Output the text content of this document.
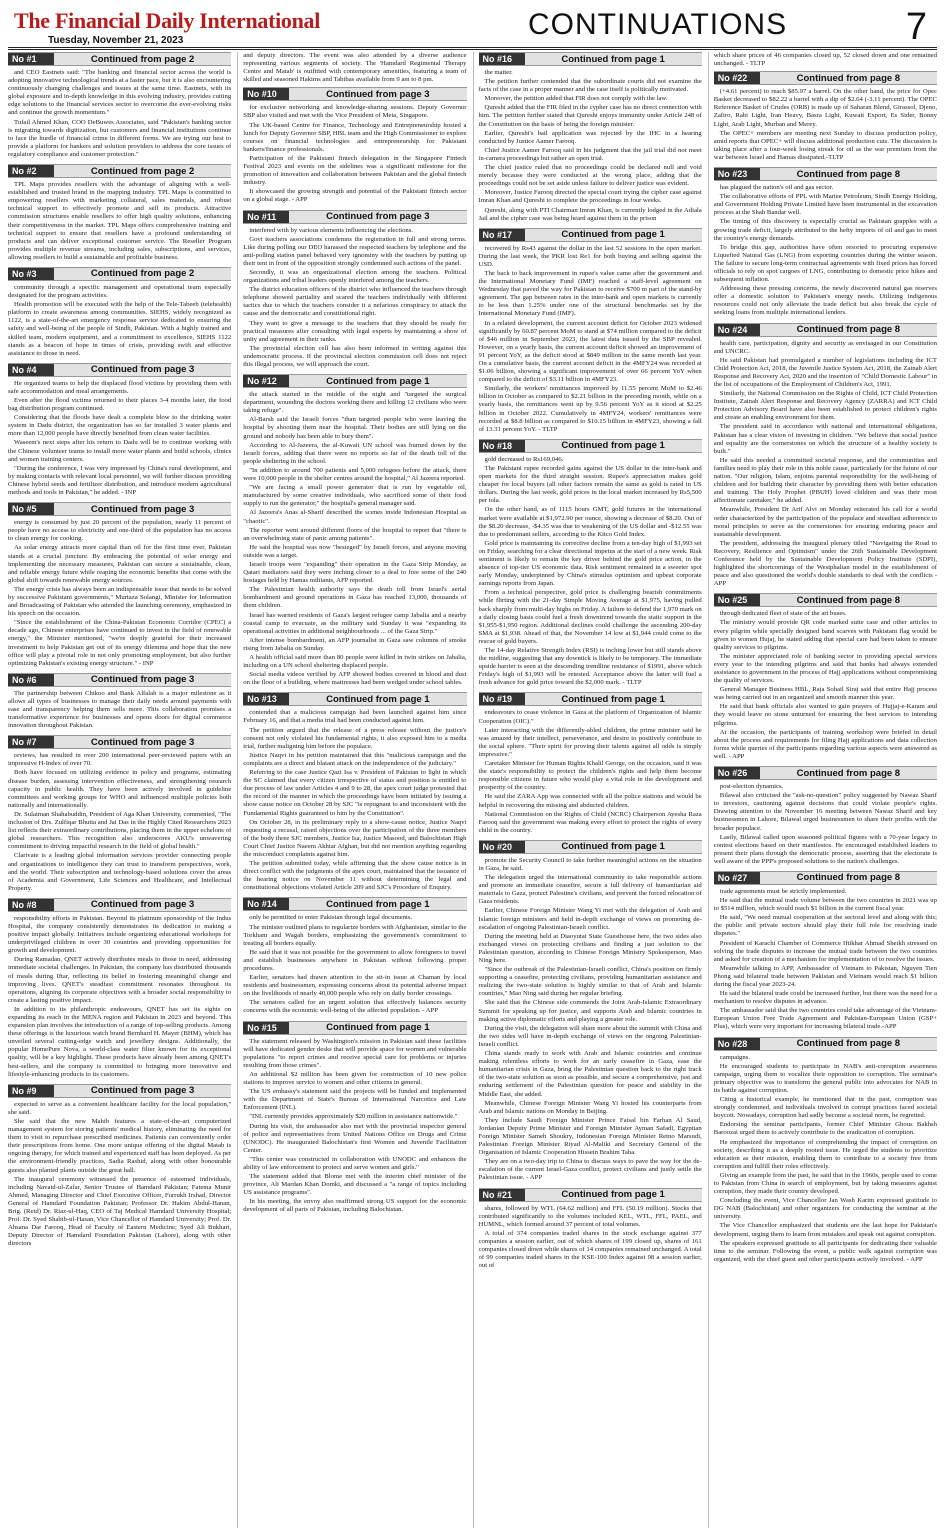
The Financial Daily International
Tuesday, November 21, 2023	CONTINUATIONS	7
No #1	Continued from page 2

and CEO Eastnets said: "The banking and financial sector across the world is adopting innovative technological trends at a faster pace, but it is also encountering continuously changing challenges and issues at the same time. Eastnets, with its global exposure and in-depth knowledge in this evolving industry, provides cutting edge solutions to the financial services sector to overcome the ever-evolving risks and continue the growth momentum."

Tufail Ahmed Khan, COO DeBuwes Associates, said "Pakistan's banking sector is migrating towards digitization, but customers and financial institutions continue to face the hurdle of financial crime in different forms. We are trying our best to provide a platform for bankers and solution providers to address the core issues of regulatory compliance and customer protection."

No #2	Continued from page 2

TPL Maps provides resellers with the advantage of aligning with a well-established and trusted brand in the mapping industry. TPL Maps is committed to empowering resellers with marketing collateral, sales materials, and robust technical support to effectively promote and sell its products. Attractive commission structures enable resellers to offer high quality solutions, enhancing their competitiveness in the market. TPL Maps offers comprehensive training and technical support to ensure that resellers have a profound understanding of products and can deliver exceptional customer service. The Reseller Program provides multiple revenue streams, including sales, subscriptions, and services, allowing resellers to build a sustainable and profitable business.

No #3	Continued from page 2

community through a specific management and operational team especially designated for the program activities.

Health promotion will be executed with the help of the Tele-Tabeeb (telehealth) platform to create awareness among communities. SIEHS, widely recognized as 1122, is a state-of-the-art emergency response service dedicated to ensuring the safety and well-being of the people of Sindh, Pakistan. With a highly trained and skilled team, modern equipment, and a commitment to excellence, SIEHS 1122 stands as a beacon of hope in times of crisis, providing swift and effective assistance to those in need.

No #4	Continued from page 3

He organized teams to help the displaced flood victims by providing them with safe accommodation and meal arrangements.

Even after the flood victims returned to their places 3-4 months later, the food bag distribution program continued.

Considering that the floods have dealt a complete blow to the drinking water system in Dadu district, the organization has so far installed 3 water plants and more than 12,000 people have directly benefited from clean water facilities.

Waseem's next steps after his return to Dadu will be to continue working with the Chinese volunteer teams to install more water plants and build schools, clinics and women training centers.

"During the conference, I was very impressed by China's rural development, and by making contacts with relevant local personnel, we will further discuss providing Chinese hybrid seeds and fertilizer distribution, and introduce modern agricultural methods and tools in Pakistan," he added. - INP

No #5	Continued from page 3

energy is consumed by just 20 percent of the population, nearly 11 percent of people have no access to electricity and one-third of the population has no access to clean energy for cooking.

As solar energy attracts more capital than oil for the first time ever, Pakistan stands at a crucial juncture. By embracing the potential of solar energy and implementing the necessary measures, Pakistan can secure a sustainable, clean, and reliable energy future while reaping the economic benefits that come with the global shift towards renewable energy sources.

The energy crisis has always been an indispensable issue that needs to be solved by successive Pakistani governments," Murtaza Solangi, Minister for Information and Broadcasting of Pakistan who attended the launching ceremony, emphasized in his speech on the occasion.

"Since the establishment of the China-Pakistan Economic Corridor (CPEC) a decade ago, Chinese enterprises have continued to invest in the field of renewable energy," the Minister mentioned, "we're deeply grateful for their increased investment to help Pakistan get out of its energy dilemma and hope that the new office will play a pivotal role in not only promoting employment, but also further optimizing Pakistan's existing energy structure." - INP

No #6	Continued from page 3

The partnership between Chikoo and Bank Alfalah is a major milestone as it allows all types of businesses to manage their daily needs around payments with ease and transparency helping them sells more. This collaboration promises a transformative experience for businesses and opens doors for digital commerce innovation throughout Pakistan.

No #7	Continued from page 3

reviews, has resulted in over 200 international peer-reviewed papers with an impressive H-Index of over 70.

Both have focused on utilizing evidence in policy and programs, estimating disease burden, assessing intervention effectiveness, and strengthening research capacity in public health. They have been actively involved in guideline committees and working groups for WHO and influenced multiple policies both nationally and internationally.

Dr. Sulaiman Shahabuddin, President of Aga Khan University, commented, "The inclusion of Drs. Zulfiqar Bhutta and Jai Das in the Highly Cited Researchers 2023 list reflects their extraordinary contributions, placing them in the upper echelons of global researchers. This recognition also underscores AKU's unwavering commitment to driving impactful research in the field of global health."

Clarivate is a leading global information services provider connecting people and organizations to intelligence they can trust to transform perspectives, work, and the world. Their subscription and technology-based solutions cover the areas of Academia and Government, Life Sciences and Healthcare, and Intellectual Property.

No #8	Continued from page 3

responsibility efforts in Pakistan. Beyond its platinum sponsorship of the Indus Hospital, the company consistently demonstrates its dedication to making a positive impact globally. Initiatives include organizing educational workshops for underprivileged children in over 30 countries and providing opportunities for growth and development.

During Ramadan, QNET actively distributes meals to those in need, addressing immediate societal challenges. In Pakistan, the company has distributed thousands of meals during Iftar, reflecting its belief in fostering meaningful change and improving lives. QNET's steadfast commitment resonates throughout its operations, aligning its corporate objectives with a broader social responsibility to create a lasting positive impact.

In addition to its philanthropic endeavours, QNET has set its sights on expanding its reach in the MENA region and Pakistan in 2023 and beyond. This expansion plan involves the introduction of a range of top-selling products. Among these offerings is the luxurious watch brand Bernhard H. Mayer (BHM), which has unveiled several cutting-edge watch and jewellery designs. Additionally, the popular HomePure Nova, a world-class water filter known for its exceptional quality, will be a key highlight. These products have already been among QNET's best-sellers, and the company is committed to bringing more innovative and lifestyle-enhancing products to its customers.

No #9	Continued from page 3

expected to serve as a convenient healthcare facility for the local population," she said.

She said that the new Mahib features a state-of-the-art computerized management system for storing patients' medical history, eliminating the need for them to visit to repurchase prescribed medicines. Patients can conveniently order their prescriptions from home. One more unique offering of the digital Matab is ongoing therapy, for which trained and experienced staff has been deployed. As per the environment-friendly practices, Sadia Rashid, along with other honourable guests also planted plants outside the great hall.

The inaugural ceremony witnessed the presence of esteemed individuals, including Navaid-ul-Zafar, Senior Trustee of Hamdard Pakistan; Fatema Munir Ahmed, Managing Director and Chief Executive Officer, Furrukh Irshad, Director General of Hamdard Foundation Pakistan; Professor Dr. Hakim Abdul-Hanan, Brig. (Retd) Dr. Riaz-ul-Haq, CEO of Taj Medical Hamdard University Hospital; Prof. Dr. Syed Shabib-ul-Hasan, Vice Chancellor of Hamdard University; Prof. Dr. Ahsana Dar Farooq, Head of Faculty of Eastern Medicine; Syed Ali Bukhari, Deputy Director of Hamdard Foundation Pakistan (Lahore), along with other directors

and deputy directors. The event was also attended by a diverse audience representing various segments of society. The 'Hamdard Regimental Therapy Centre and Matab' is outfitted with contemporary amenities, featuring a team of skilled and seasoned Hakims and Tabibas available from 9 am to 8 pm.
No #10	Continued from page 3

for exclusive networking and knowledge-sharing sessions. Deputy Governor SBP also visited and met with the Vice President of Meta, Singapore.

The UK-based Centre for Finance, Technology and Entrepreneurship hosted a lunch for Deputy Governor SBP, HBL team and the High Commissioner to explore courses on financial technologies and entrepreneurship for Pakistani bankers/finance professionals.

Participation of the Pakistani fintech delegation in the Singapore Fintech Festival 2023 and events on the sidelines was a significant milestone for the promotion of innovation and collaboration between Pakistan and the global fintech industry.

It showcased the growing strength and potential of the Pakistani fintech sector on a global stage. - APP

No #11	Continued from page 3

interfered with by various elements influencing the elections.

Govt teachers associations condemns the registration in full and strong terms. Like during polling our DEO harassed the respected teachers by telephone and the anti-polling station panel behaved very ignominy with the teachers by putting up their tent in front of the opposition strongly condemned such actions of the panel.

Secondly, it was an organizational election among the teachers. Political organizations and tribal leaders openly interfered among the teachers.

The district education officers of the district who influenced the teachers through telephone showed partiality and scared the teachers individually with different tactics due to which the teachers consider it a nefarious conspiracy to attack the cause and the democratic and constitutional right.

They want to give a message to the teachers that they should be ready for practical measures after consulting with legal experts by maintaining a show of unity and agreement in their ranks.

The provincial election cell has also been informed in writing against this undemocratic process. If the provincial election commission cell does not reject this illegal process, we will approach the court.

No #12	Continued from page 1

the attack started in the middle of the night and "targeted the surgical department, wounding the doctors working there and killing 12 civilians who were taking refuge".

Al-Barsh said the Israeli forces "than targeted people who were leaving the hospital by shooting them near the hospital. Their bodies are still lying on the ground and nobody has been able to bury them".

According to Al-Jazeera, the al-Kuwait UN school was burned down by the Israeli forces, adding that there were no reports so far of the death toll of the people sheltering in the school.

"In addition to around 700 patients and 5,000 refugees before the attack, there were 10,000 people in the shelter centres around the hospital," Al Jazeera reported.

"We are facing a small power generator that is run by vegetable oil, manufactured by some creative individuals, who sacrificed some of their food supply to run the generator," the hospital's general manager said.

Al Jazeera's Anas al-Sharif described the scenes inside Indonesian Hospital as "chaotic".

The reporter went around different floors of the hospital to report that "there is an overwhelming state of panic among patients".

He said the hospital was now "besieged" by Israeli forces, and anyone moving outside was a target.

Israeli troops were "expanding" their operation in the Gaza Strip Monday, as Qatari mediators said they were inching closer to a deal to free some of the 240 hostages held by Hamas militants, AFP reported.

The Palestinian health authority says the death toll from Israel's aerial bombardment and ground operations in Gaza has reached 13,000, thousands of them children.

Israel has warned residents of Gaza's largest refugee camp Jabalia and a nearby coastal camp to evacuate, as the military said Sunday it was "expanding its operational activities in additional neighbourhoods ... of the Gaza Strip."

After intense bombardment, an AFP journalist in Gaza saw columns of smoke rising from Jabalia on Sunday.

A health official said more than 80 people were killed in twin strikes on Jabalia, including on a UN school sheltering displaced people.

Social media videos verified by AFP showed bodies covered in blood and dust on the floor of a building, where mattresses had been wedged under school tables.

No #13	Continued from page 1

contended that a malicious campaign had been launched against him since February 16, and that a media trial had been conducted against him.

The petition argued that the release of a press release without the justice's consent not only violated his fundamental rights, it also exposed him to a media trial, further maligning him before the populace.

Justice Naqvi in his petition maintained that this "malicious campaign and the complaints are a direct and blatant attack on the independence of the judiciary."

Referring to the case Justice Qazi Isa v. President of Pakistan to light in which the SC claimed that every citizen irrespective of status and position is entitled to due process of law under Articles 4 and 9 to 28, the apex court judge protested that the record of the manner in which the proceedings have been initiated by issuing a show cause notice on October 28 by SJC "is repugnant to and inconsistent with the Fundamental Rights guaranteed to him by the Constitution".

On October 28, in its preliminary reply to a show-cause notice, Justice Naqvi requesting a recusal, raised objections over the participation of the three members of the body three SJC members, Justice Isa, Justice Masood, and Balochistan High Court Chief Justice Naeem Akhtar Afghan, but did not mention anything regarding the misconduct complaints against him.

The petition submitted today, while affirming that the show cause notice is in direct conflict with the judgments of the apex court, maintained that the issuance of the hearing notice on November 11 without determining the legal and constitutional objections violated Article 209 and SJC's Procedure of Enquiry.

No #14	Continued from page 1

only be permitted to enter Pakistan through legal documents.

The minister outlined plans to regularize borders with Afghanistan, similar to the Torkham and Wagah borders, emphasizing the government's commitment to treating all borders equally.

He said that it was not possible for the government to allow foreigners to travel and establish businesses anywhere in Pakistan without following proper procedures.

Earlier, senators had drawn attention to the sit-in issue at Chaman by local residents and businessmen, expressing concerns about its potential adverse impact on the livelihoods of nearly 40,000 people who rely on daily border crossings.

The senators called for an urgent solution that effectively balances security concerns with the economic well-being of the affected population. - APP

No #15	Continued from page 1

The statement released by Washington's mission in Pakistan said these facilities will have dedicated gender desks that will provide space for women and vulnerable populations "to report crimes and receive special care for problems or injuries resulting from those crimes".

An additional $2 million has been given for construction of 10 new police stations to improve service to women and other citizens in general.

The US embassy's statement said the projects will be funded and implemented with the Department of State's Bureau of International Narcotics and Law Enforcement (INL).

"INL currently provides approximately $20 million in assistance nationwide."

During his visit, the ambassador also met with the provincial inspector general of police and representatives from United Nations Office on Drugs and Crime (UNODC). He inaugurated Balochistan's first Women and Juvenile Facilitation Center.

"This center was constructed in collaboration with UNODC and enhances the ability of law enforcement to protect and serve women and girls."

The statement added that Blome met with the interim chief minister of the province, Ali Mardan Khan Domki, and discussed a "a range of topics including US assistance programs".

In his meeting, the envoy also reaffirmed strong US support for the economic development of all parts of Pakistan, including Balochistan.

No #16	Continued from page 1

the matter.

The petition further contended that the subordinate courts did not examine the facts of the case in a proper manner and the case itself is politically motivated.

Moreover, the petition added that FIR does not comply with the law.

Qureshi added that the FIR filed in the cypher case has no direct connection with him. The petition further stated that Qureshi enjoys immunity under Article 248 of the Constitution on the basis of being the foreign minister.

Earlier, Qureshi's bail application was rejected by the IHC in a hearing conducted by Justice Aamer Farooq.

Chief Justice Aamer Farooq said in his judgment that the jail trial did not meet in-camera proceedings but rather an open trial.

The chief justice ruled that no proceedings could be declared null and void merely because they were conducted at the wrong place, adding that the proceedings could not be set aside unless failure to deliver justice was evident.

Moreover, Justice Farooq directed the special court trying the cipher case against Imran Khan and Qureshi to complete the proceedings in four weeks.

Qureshi, along with PTI Chairman Imran Khan, is currently lodged in the Adiala Jail and the cipher case was being heard against them in the prison

No #17	Continued from page 1

recovered by Rs43 against the dollar in the last 52 sessions in the open market. During the last week, the PKR lost Re1 for both buying and selling against the USD.

The back to back improvement in rupee's value came after the government and the International Monetary Fund (IMF) reached a staff-level agreement on Wednesday that paved the way for Pakistan to receive $700 m part of the stand-by agreement. The gap between rates in the inter-bank and open markets is currently to be less than 1.25% under one of the structural benchmarks set by the International Monetary Fund (IMF).

In a related development, the current account deficit for October 2023 widened significantly by 60.87 percent MoM to stand at $74 million compared to the deficit of $46 million in September 2023, the latest data issued by the SBP revealed. However, on a yearly basis, the current account deficit showed an improvement of 91 percent YoY, as the deficit stood at $849 million in the same month last year. On a cumulative basis, the current account deficit in the 4MFY24 was recorded at $1.06 billion, showing a significant improvement of over 66 percent YoY when compared to the deficit of $3.11 billion in 4MFY23.

Similarly, the workers' remittances improved by 11.55 percent MoM to $2.46 billion in October as compared to $2.21 billion in the preceding month, while on a yearly basis, the remittances went up by 9.56 percent YoY as it stood at $2.25 billion in October 2022. Cumulatively in 4MFY24, workers' remittances were recorded at $8.8 billion as compared to $10.15 billion in 4MFY23, showing a fall of 13.31 percent YoY. - TLTP

No #18	Continued from page 1

gold decreased to Rs169,046.

The Pakistani rupee recorded gains against the US dollar in the inter-bank and open markets for the third straight session. Rupee's appreciation makes gold cheaper for local buyers (all other factors remain the same as gold is rated in US dollars. During the last week, gold prices in the local market increased by Rs5,500 per tola.

On the other hand, as of 1115 hours GMT, gold futures in the international market were available at $1,972.90 per ounce, showing a decrease of $8.20. Out of the $8.20 decrease, -$4.35 was due to weakening of the US dollar and -$12.55 was due to predominant sellers, according to the Kitco Gold Index.

Gold price is maintaining its corrective decline from a ten-day high of $1,993 set on Friday, searching for a clear directional impetus at the start of a new week. Risk sentiment is likely to remain the key driver behind the gold price action, in the absence of top-tier US economic data. Risk sentiment remained in a sweeter spot early Monday, underpinned by China's stimulus optimism and upbeat corporate earnings reports from Japan.

From a technical perspective, gold price is challenging bearish commitments while flirting with the 21-day Simple Moving Average at $1,975, having pulled back sharply from multi-day highs on Friday. A failure to defend the 1,970 mark on a daily closing basis could fuel a fresh downtrend towards the static support in the $1,955-$1,950 region. Additional declines could challenge the ascending 200-day SMA at $1,938. Ahead of that, the November 14 low at $1,944 could come to the rescue of gold buyers.

The 14-day Relative Strength Index (RSI) is inching lower but still stands above the midline, suggesting that any downtick is likely to be temporary. The immediate upside barrier is seen at the descending trendline resistance of $1991, above which Friday's high of $1,993 will be retested. Acceptance above the latter will fuel a fresh advance for gold price toward the $2,000 mark. - TLTP

No #19	Continued from page 1

endeavours to cease violence in Gaza at the platform of Organization of Islamic Cooperation (OIC)."

Later interacting with the differently-abled children, the prime minister said he was amazed by their intellect, perseverance, and desire to positively contribute to the social sphere. "Their spirit for proving their talents against all odds is simply impressive."

Caretaker Minister for Human Rights Khalil George, on the occasion, said it was the state's responsibility to protect the children's rights and help them become responsible citizens in future who would play a vital role in the development and prosperity of the country.

He said the ZARA App was connected with all the police stations and would be helpful in recovering the missing and abducted children.

National Commission on the Rights of Child (NCRC) Chairperson Ayesha Raza Farooq said the government was making every effort to protect the rights of every child in the country.

No #20	Continued from page 1

promote the Security Council to take further meaningful actions on the situation in Gaza, he said.

The delegation urged the international community to take responsible actions and promote an immediate ceasefire, secure a full delivery of humanitarian aid materials to Gaza, protect Palestine's civilians, and prevent the forced relocation of Gaza residents.

Earlier, Chinese Foreign Minister Wang Yi met with the delegation of Arab and Islamic foreign ministers and held in-depth exchange of views on promoting de-escalation of ongoing Palestinian-Israeli conflict.

During the meeting held at Diaoyutai State Guesthouse here, the two sides also exchanged views on protecting civilians and finding a just solution to the Palestinian question, according to Chinese Foreign Ministry Spokesperson, Mao Ning here.

"Since the outbreak of the Palestinian-Israeli conflict, China's position on firmly supporting a ceasefire, protecting civilians, providing humanitarian assistance and realizing the two-state solution is highly similar to that of Arab and Islamic countries," Mao Ning said during her regular briefing.

She said that the Chinese side commends the Joint Arab-Islamic Extraordinary Summit for speaking up for justice, and supports Arab and Islamic countries in making active diplomatic efforts and playing a greater role.

During the visit, the delegation will share more about the summit with China and the two sides will have in-depth exchange of views on the ongoing Palestinian-Israeli conflict.

China stands ready to work with Arab and Islamic countries and continue making relentless efforts to work for an early ceasefire in Gaza, ease the humanitarian crisis in Gaza, bring the Palestinian question back to the right track of the two-state solution as soon as possible, and secure a comprehensive, just and enduring settlement of the Palestinian question for peace and stability in the Middle East, she added.

Meanwhile, Chinese Foreign Minister Wang Yi hosted his counterparts from Arab and Islamic nations on Monday in Beijing.

They include Saudi Foreign Minister Prince Faisal bin Farhan Al Saud, Jordanian Deputy Prime Minister and Foreign Minister Ayman Safadi, Egyptian Foreign Minister Sameh Shoukry, Indonesian Foreign Minister Retno Marsudi, Palestinian Foreign Minister Riyad Al-Maliki and Secretary General of the Organisation of Islamic Cooperation Hissein Brahim Taha.

They are on a two-day trip to China to discuss ways to pave the way for the de-escalation of the current Israel-Gaza conflict, protect civilians and justly settle the Palestinian issue. - APP

No #21	Continued from page 1

shares, followed by WTL (64.62 million) and FFL (50.19 million). Stocks that contributed significantly to the volumes included KEL, WTL, FFL, PAEL, and HUMNL, which formed around 37 percent of total volumes.

A total of 374 companies traded shares in the stock exchange against 377 companies a session earlier, out of which shares of 199 closed up, shares of 161 companies closed down while shares of 14 companies remained unchanged. A total of 99 companies traded shares in the KSE-100 Index against 98 a session earlier, out of

which share prices of 46 companies closed up, 52 closed down and one remained unchanged. - TLTP
No #22	Continued from page 8

(+4.61 percent) to reach $85.97 a barrel. On the other hand, the price for Opec Basket decreased to $82.22 a barrel with a dip of $2.64 (-3.11 percent). The OPEC Reference Basket of Crudes (ORB) is made up of Saharan Blend, Girassol, Djeno, Zafiro, Rabi Light, Iran Heavy, Basra Light, Kuwait Export, Es Sider, Bonny Light, Arab Light, Murban and Merey.

The OPEC+ members are meeting next Sunday to discuss production policy, amid reports that OPEC+ will discuss additional production cuts. The discussion is taking place after a four-week losing streak for oil as the war premium from the war between Israel and Hamas dissipated.-TLTP

No #23	Continued from page 8

has plagued the nation's oil and gas sector.

The collaborative efforts of PPL with Mariee Petroleum, Sindh Energy Holding, and Government Holding Private Limited have been instrumental in the excavation process at the Shah Bandar well.

The timing of this discovery is especially crucial as Pakistan grapples with a growing trade deficit, largely attributed to the hefty imports of oil and gas to meet the country's energy demands.

To bridge this gap, authorities have often resorted to procuring expensive Liquefied Natural Gas (LNG) from exporting countries during the winter season. The failure to secure long-term contractual agreements with fixed prices has forced officials to rely on spot cargoes of LNG, contributing to domestic price hikes and subsequent inflation.

Addressing these pressing concerns, the newly discovered natural gas reserves offer a domestic solution to Pakistan's energy needs. Utilizing indigenous resources could not only alleviate the trade deficit but also break the cycle of seeking loans from multiple international lenders.

No #24	Continued from page 8

health care, participation, dignity and security as envisaged in our Constitution and UNCRC.

He said Pakistan had promulgated a number of legislations including the ICT Child Protection Act, 2018, the Juvenile Justice System Act, 2018, the Zainab Alert Response and Recovery Act, 2020 and the insertion of "Child Domestic Labour" in the list of occupations of the Employment of Children's Act, 1991.

Similarly, the National Commission on the Rights of Child, ICT Child Protection Institute, Zainab Alert Response and Recovery Agency (ZARRA) and ICT Child Protection Advisory Board have also been established to protect children's rights and create an enabling environment for them.

The president said in accordance with national and international obligations, Pakistan has a clear vision of investing in children. "We believe that social justice and equality are the cornerstones on which the structure of a healthy society is built."

He said this needed a committed societal response, and the communities and families need to play their role in this noble cause, particularly for the future of our nation. "Our religion, Islam, enjoins parental responsibility for the well-being of children and for building their character by providing them with better education and training. The Holy Prophet (PBUH) loved children and was their most affectionate caretaker," he added.

Meanwhile, President Dr Arif Alvi on Monday reiterated his call for a world order characterized by the participation of the populace and steadfast adherence to moral principles to serve as the cornerstones for ensuring enduring peace and sustainable development.

The president, addressing the inaugural plenary titled "Navigating the Road to Recovery, Resilience and Optimism" under the 26th Sustainable Development Conference held by the Sustainable Development Policy Institute (SDPI), highlighted the shortcomings of the Westphalian model in the establishment of peace and also questioned the world's double standards to deal with the conflicts - APP

No #25	Continued from page 8

through dedicated fleet of state of the art buses.

The ministry would provide QR code marked suite case and other articles to every pilgrim while specially designed band scarves with Pakistani flag would be given to women Hujaj, he stated adding that special care had been taken to ensure quality services to pilgrims.

The minister appreciated role of banking sector in providing special services every year to the intending pilgrims and said that banks had always extended assistance to government in the process of Hajj applications without compromising the quality of services.

General Manager Business HBL, Raja Sohail Siraj said that entire Hajj process was being carried out in an organized and smooth manner this year.

He said that bank officials also wanted to gain prayers of Hujjaj-e-Karam and they would leave no stone unturned for ensuring the best services to intending pilgrims.

At the occasion, the participants of training workshop were briefed in detail about the process and requirements for filing Hajj applications and data collection forms while queries of the participants regarding various aspects were answered as well. - APP

No #26	Continued from page 8

post-election dynamics.

Bilawal also criticised the "ask-no-question" policy suggested by Nawaz Sharif to investors, cautioning against decisions that could violate people's rights. Drawing attention to the November 16 meeting between Nawaz Sharif and key businessmen in Lahore, Bilawal urged businessmen to share their profits with the broader populace.

Lastly, Bilawal called upon seasoned political figures with a 70-year legacy to contest elections based on their manifestos. He encouraged established leaders to present their plans through the democratic process, asserting that the electorate is well aware of the PPP's proposed solutions to the nation's challenges.

No #27	Continued from page 8

trade agreements must be strictly implemented.

He said that the mutual trade volume between the two countries in 2021 was up to $514 million, which would reach $1 billion in the current fiscal year.

He said, "We need mutual cooperation at the sectoral level and along with this; the public and private sectors should play their full role for resolving trade disputes."

President of Karachi Chamber of Commerce Iftikhar Ahmad Sheikh stressed on solving the trade disputes to increase the mutual trade between the two countries and asked for creation of a mechanism for implementation of to resolve the issues.

Meanwhile talking to APP, Ambassador of Vietnam to Pakistan, Nguyen Tien Phong said bilateral trade between Pakistan and Vietnam would reach $1 billion during the fiscal year 2023-24.

He said the bilateral trade could be increased further, but there was the need for a mechanism to resolve disputes in advance.

The ambassador said that the two countries could take advantage of the Vietnam-European Union Free Trade Agreement and Pakistan-European Union (GSP+ Plus), which were very important for increasing bilateral trade.-APP

No #28	Continued from page 8

campaigns.

He encouraged students to participate in NAB's anti-corruption awareness campaign, urging them to vocalize their opposition to corruption. The seminar's primary objective was to transform the general public into advocates for NAB in its battle against corruption.

Citing a historical example, he mentioned that in the past, corruption was strongly condemned, and individuals involved in corrupt practices faced societal boycott. Nowadays, corruption had sadly become a societal norm, he regretted.

Endorsing the seminar participants, former Chief Minister Ghous Bakhsh Baroozai urged them to actively contribute to the eradication of corruption.

He emphasized the importance of comprehending the impact of corruption on society, describing it as a deeply rooted issue. He urged the students to prioritize education as their mission, enabling them to contribute to a society free from corruption and fulfill their roles effectively.

Giving an example from the past, he said that in the 1960s, people used to come to Pakistan from China in search of employment, but by taking measures against corruption, they made their country developed.

Concluding the event, Vice Chancellor Jan Wash Karim expressed gratitude to DG NAB (Balochistan) and other organizers for conducting the seminar at the university.

The Vice Chancellor emphasized that students are the last hope for Pakistan's development, urging them to learn from mistakes and speak out against corruption.

The speakers expressed gratitude to all participants for dedicating their valuable time to the seminar. Following the event, a public walk against corruption was organized, with the chief guest and other participants actively involved. - APP
